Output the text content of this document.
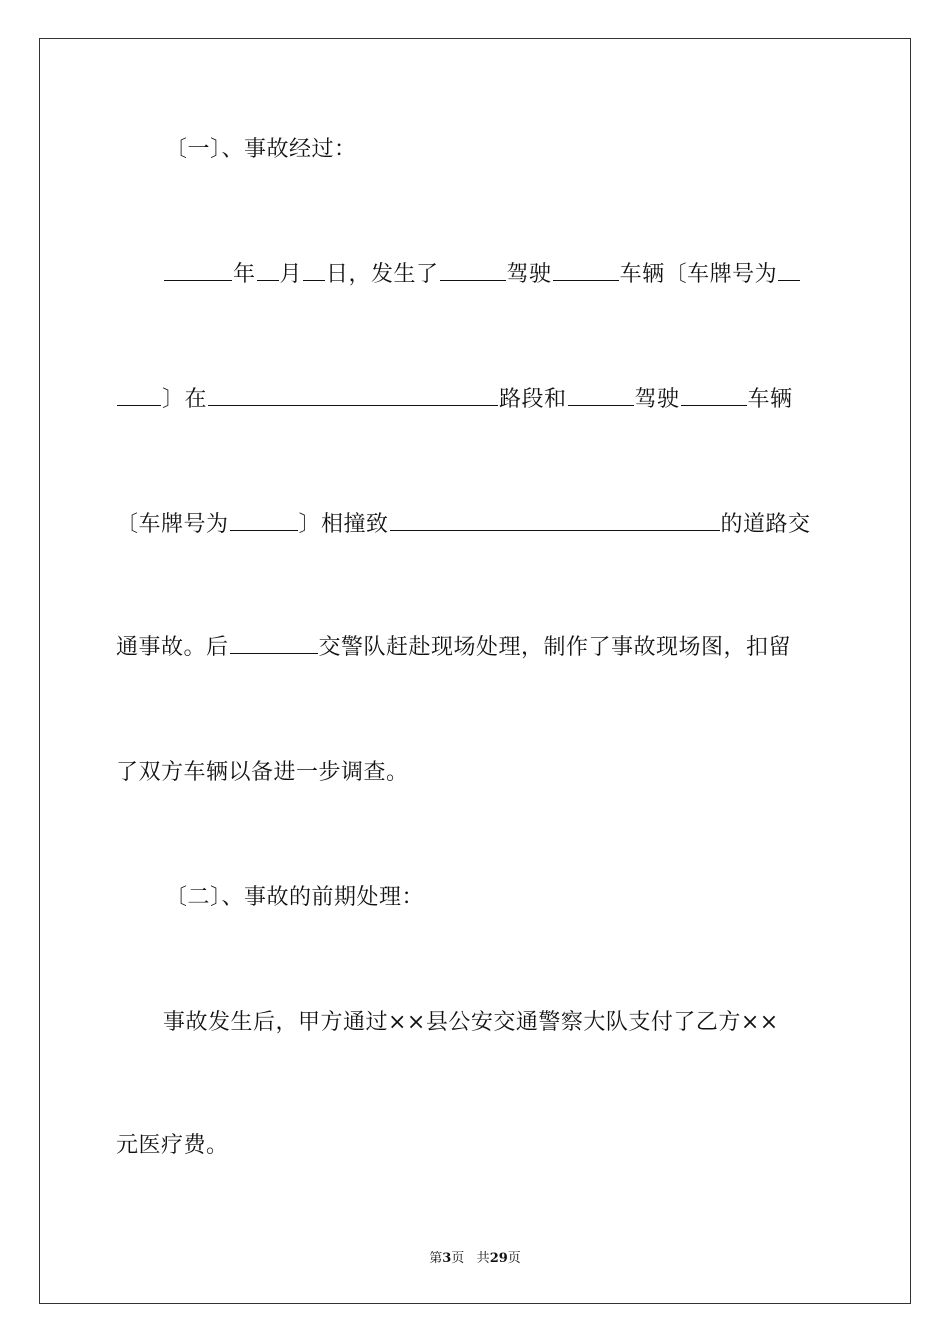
〔一〕、事故经过：
年 月 日，发生了	驾驶	车辆〔车牌号为
〕在	路段和	驾驶	车辆
〔车牌号为	〕相撞致	的道路交
通事故。后	交警队赶赴现场处理，制作了事故现场图，扣留
了双方车辆以备进一步调查。
〔二〕、事故的前期处理：
事故发生后，甲方通过××县公安交通警察大队支付了乙方××
元医疗费。
第3页 共29页
